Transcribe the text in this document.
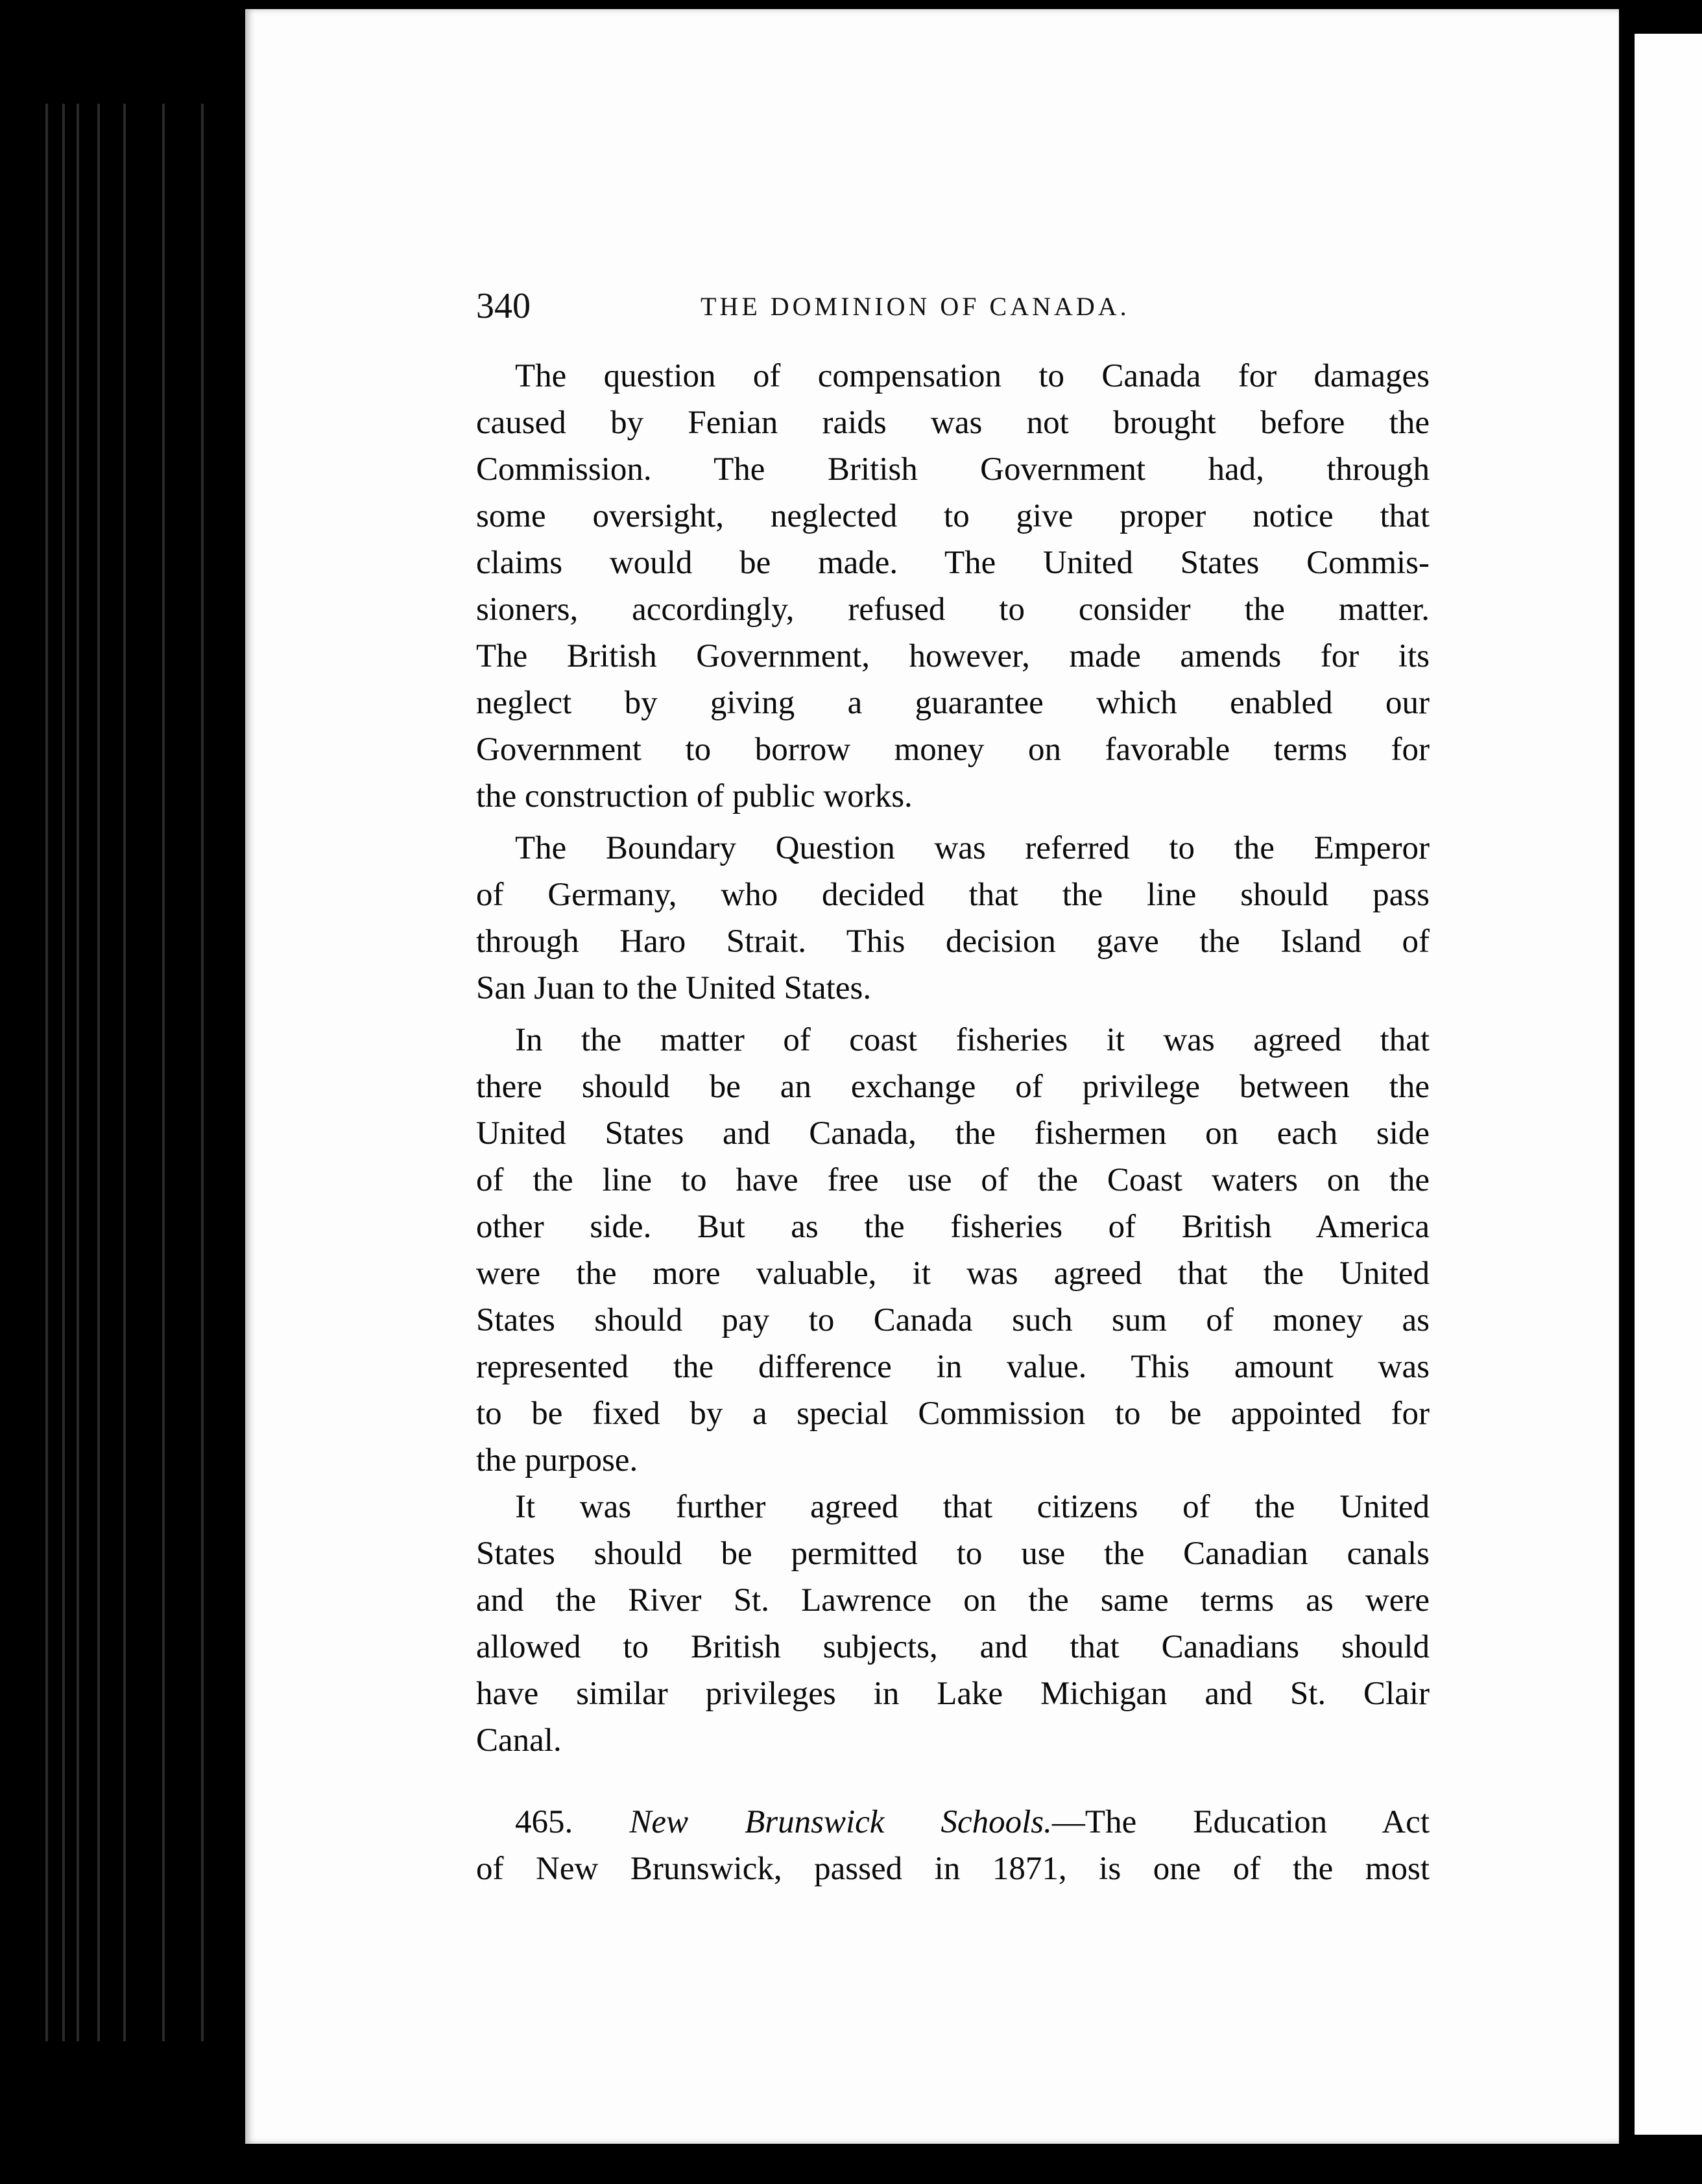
340	THE DOMINION OF CANADA.

The question of compensation to Canada for damages
caused by Fenian raids was not brought before the
Commission. The British Government had, through
some oversight, neglected to give proper notice that
claims would be made. The United States Commis-
sioners, accordingly, refused to consider the matter.
The British Government, however, made amends for its
neglect by giving a guarantee which enabled our
Government to borrow money on favorable terms for
the construction of public works.

The Boundary Question was referred to the Emperor
of Germany, who decided that the line should pass
through Haro Strait. This decision gave the Island of
San Juan to the United States.

In the matter of coast fisheries it was agreed that
there should be an exchange of privilege between the
United States and Canada, the fishermen on each side
of the line to have free use of the Coast waters on the
other side. But as the fisheries of British America
were the more valuable, it was agreed that the United
States should pay to Canada such sum of money as
represented the difference in value. This amount was
to be fixed by a special Commission to be appointed for
the purpose.

It was further agreed that citizens of the United
States should be permitted to use the Canadian canals
and the River St. Lawrence on the same terms as were
allowed to British subjects, and that Canadians should
have similar privileges in Lake Michigan and St. Clair
Canal.

465. New Brunswick Schools.—The Education Act
of New Brunswick, passed in 1871, is one of the most
